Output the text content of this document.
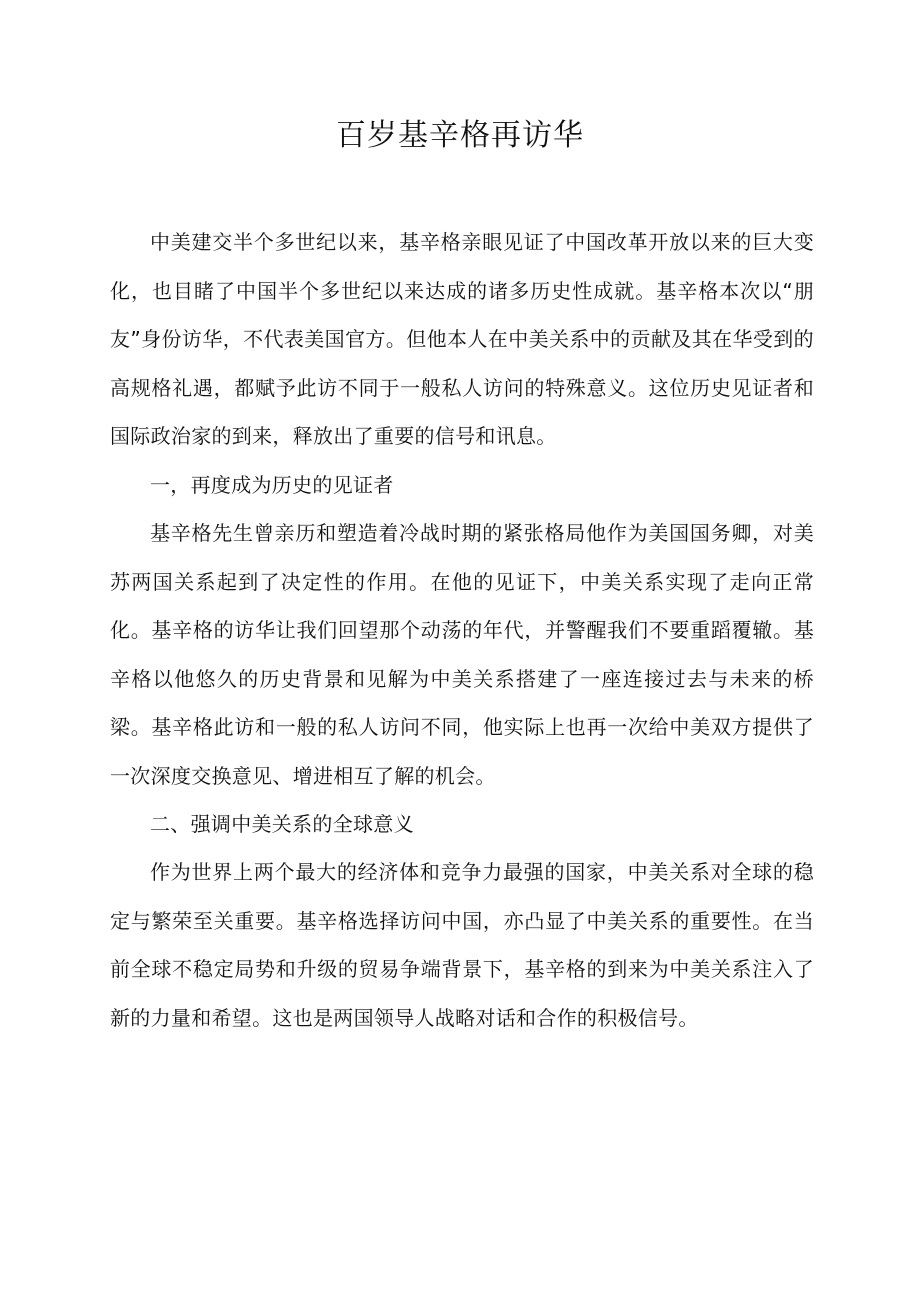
百岁基辛格再访华

中美建交半个多世纪以来，基辛格亲眼见证了中国改革开放以来的巨大变化，也目睹了中国半个多世纪以来达成的诸多历史性成就。基辛格本次以“朋友”身份访华，不代表美国官方。但他本人在中美关系中的贡献及其在华受到的高规格礼遇，都赋予此访不同于一般私人访问的特殊意义。这位历史见证者和国际政治家的到来，释放出了重要的信号和讯息。

一，再度成为历史的见证者

基辛格先生曾亲历和塑造着冷战时期的紧张格局他作为美国国务卿，对美苏两国关系起到了决定性的作用。在他的见证下，中美关系实现了走向正常化。基辛格的访华让我们回望那个动荡的年代，并警醒我们不要重蹈覆辙。基辛格以他悠久的历史背景和见解为中美关系搭建了一座连接过去与未来的桥梁。基辛格此访和一般的私人访问不同，他实际上也再一次给中美双方提供了一次深度交换意见、增进相互了解的机会。

二、强调中美关系的全球意义

作为世界上两个最大的经济体和竞争力最强的国家，中美关系对全球的稳定与繁荣至关重要。基辛格选择访问中国，亦凸显了中美关系的重要性。在当前全球不稳定局势和升级的贸易争端背景下，基辛格的到来为中美关系注入了新的力量和希望。这也是两国领导人战略对话和合作的积极信号。
